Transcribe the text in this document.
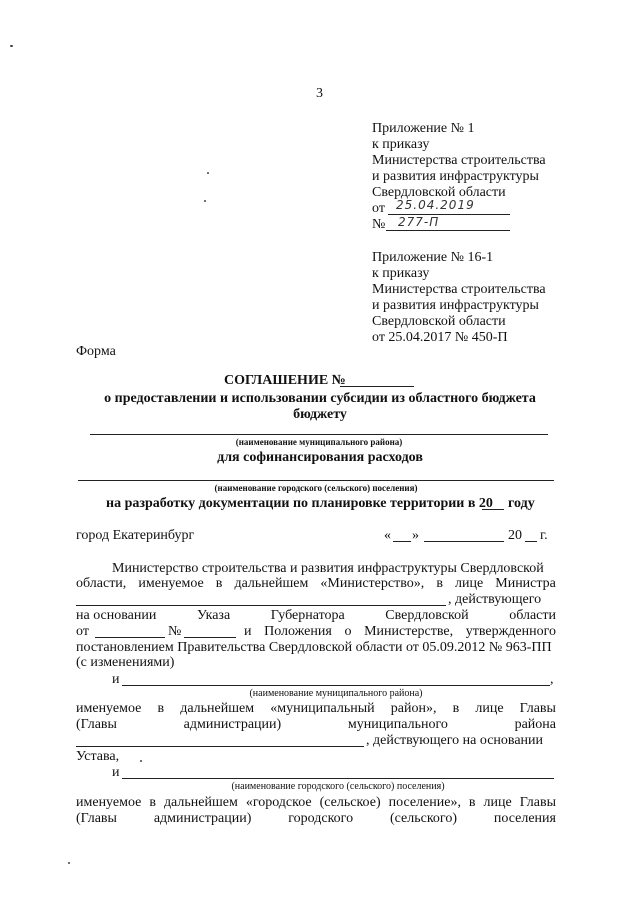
3
Приложение № 1
к приказу
Министерства строительства
и развития инфраструктуры
Свердловской области
от 25.04.2019
№ 277-П
Приложение № 16-1
к приказу
Министерства строительства
и развития инфраструктуры
Свердловской области
от 25.04.2017 № 450-П
Форма
СОГЛАШЕНИЕ №
о предоставлении и использовании субсидии из областного бюджета
бюджету
(наименование муниципального района)
для софинансирования расходов
(наименование городского (сельского) поселения)
на разработку документации по планировке территории в 20 году
город Екатеринбург	« »	20 г.
Министерство строительства и развития инфраструктуры Свердловской
области, именуемое в дальнейшем «Министерство», в лице Министра
, действующего
на основании	Указа	Губернатора	Свердловской	области
от	№	и Положения о Министерстве, утвержденного
постановлением Правительства Свердловской области от 05.09.2012 № 963-ПП
(с изменениями)
и	,
(наименование муниципального района)
именуемое в дальнейшем «муниципальный район», в лице Главы
(Главы	администрации)	муниципального	района
, действующего на основании
Устава,
и
(наименование городского (сельского) поселения)
именуемое в дальнейшем «городское (сельское) поселение», в лице Главы
(Главы	администрации)	городского	(сельского)	поселения
